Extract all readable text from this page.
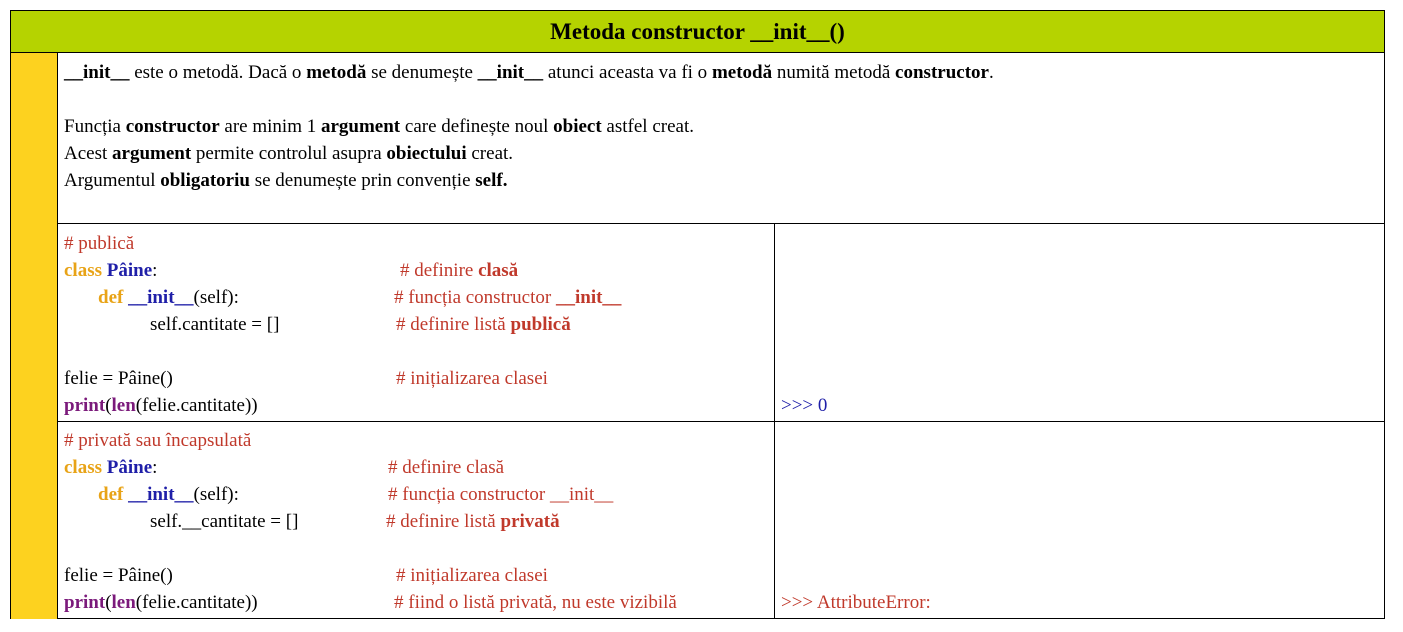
Metoda constructor __init__()

__init__ este o metodă. Dacă o metodă se denumește __init__ atunci aceasta va fi o metodă numită metodă constructor.

Funcția constructor are minim 1 argument care definește noul obiect astfel creat.

Acest argument permite controlul asupra obiectului creat.

Argumentul obligatoriu se denumește prin convenție self.

# publică
class Pâine:	# definire clasă
def __init__(self):	# funcția constructor __init__
self.cantitate = []	# definire listă publică
felie = Pâine()	# inițializarea clasei
print(len(felie.cantitate))	>>> 0
# privată sau încapsulată
class Pâine:	# definire clasă
def __init__(self):	# funcția constructor __init__
self.__cantitate = []	# definire listă privată
felie = Pâine()	# inițializarea clasei
print(len(felie.cantitate))	# fiind o listă privată, nu este vizibilă	>>> AttributeError:
